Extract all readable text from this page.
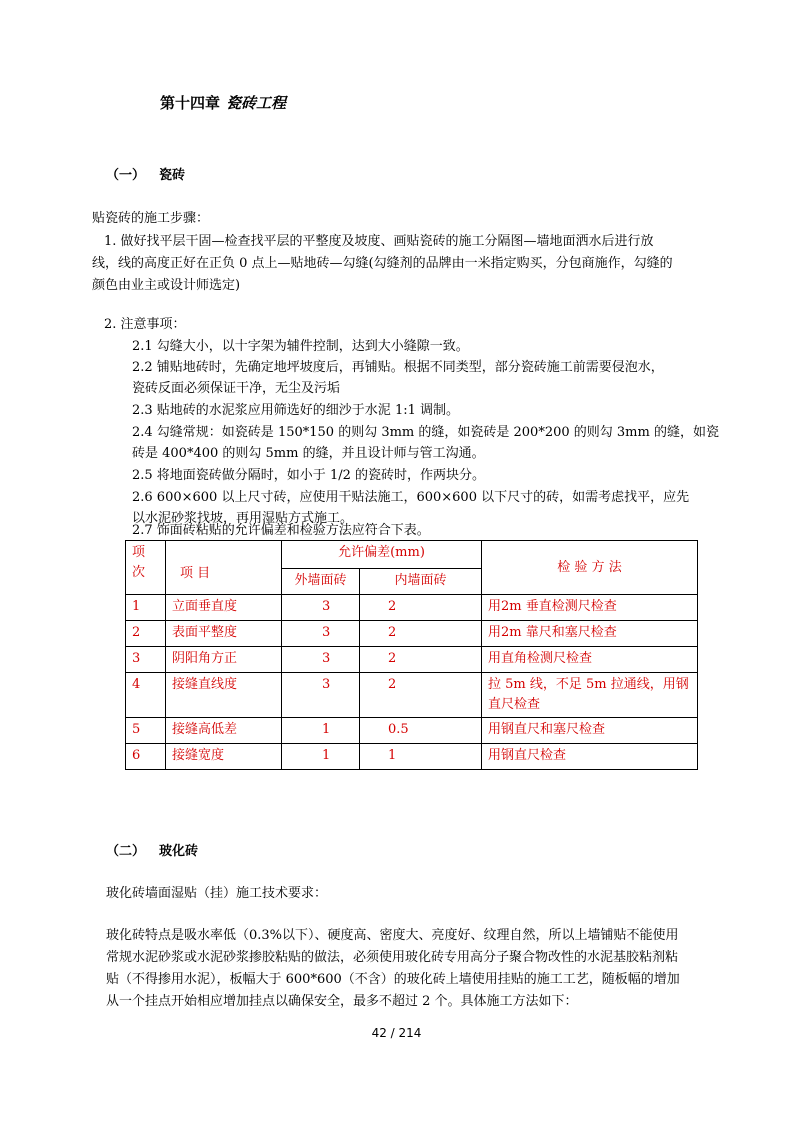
第十四章 瓷砖工程
（一） 瓷砖
贴瓷砖的施工步骤：
1. 做好找平层干固—检查找平层的平整度及坡度、画贴瓷砖的施工分隔图—墙地面洒水后进行放
线，线的高度正好在正负 0 点上—贴地砖—勾缝(勾缝剂的品牌由一米指定购买，分包商施作，勾缝的
颜色由业主或设计师选定)
2. 注意事项：
2.1 勾缝大小，以十字架为辅件控制，达到大小缝隙一致。
2.2 铺贴地砖时，先确定地坪坡度后，再铺贴。根据不同类型，部分瓷砖施工前需要侵泡水，
瓷砖反面必须保证干净，无尘及污垢
2.3 贴地砖的水泥浆应用筛选好的细沙于水泥 1:1 调制。
2.4 勾缝常规：如瓷砖是 150*150 的则勾 3mm 的缝，如瓷砖是 200*200 的则勾 3mm 的缝，如瓷
砖是 400*400 的则勾 5mm 的缝，并且设计师与管工沟通。
2.5 将地面瓷砖做分隔时，如小于 1/2 的瓷砖时，作两块分。
2.6 600×600 以上尺寸砖，应使用干贴法施工，600×600 以下尺寸的砖，如需考虑找平，应先
以水泥砂浆找坡，再用湿贴方式施工。
2.7 饰面砖粘贴的允许偏差和检验方法应符合下表。
项
次	项 目	允许偏差(mm)		检 验 方 法
		外墙面砖	内墙面砖	
1	立面垂直度	3	2	用2m 垂直检测尺检查
2	表面平整度	3	2	用2m 靠尺和塞尺检查
3	阴阳角方正	3	2	用直角检测尺检查
4	接缝直线度	3	2	拉 5m 线，不足 5m 拉通线，用钢直尺检查
5	接缝高低差	1	0.5	用钢直尺和塞尺检查
6	接缝宽度	1	1	用钢直尺检查
（二） 玻化砖
玻化砖墙面湿贴（挂）施工技术要求：
玻化砖特点是吸水率低（0.3%以下）、硬度高、密度大、亮度好、纹理自然，所以上墙铺贴不能使用
常规水泥砂浆或水泥砂浆掺胶粘贴的做法，必须使用玻化砖专用高分子聚合物改性的水泥基胶粘剂粘
贴（不得掺用水泥），板幅大于 600*600（不含）的玻化砖上墙使用挂贴的施工工艺，随板幅的增加
从一个挂点开始相应增加挂点以确保安全，最多不超过 2 个。具体施工方法如下：
42 / 214
